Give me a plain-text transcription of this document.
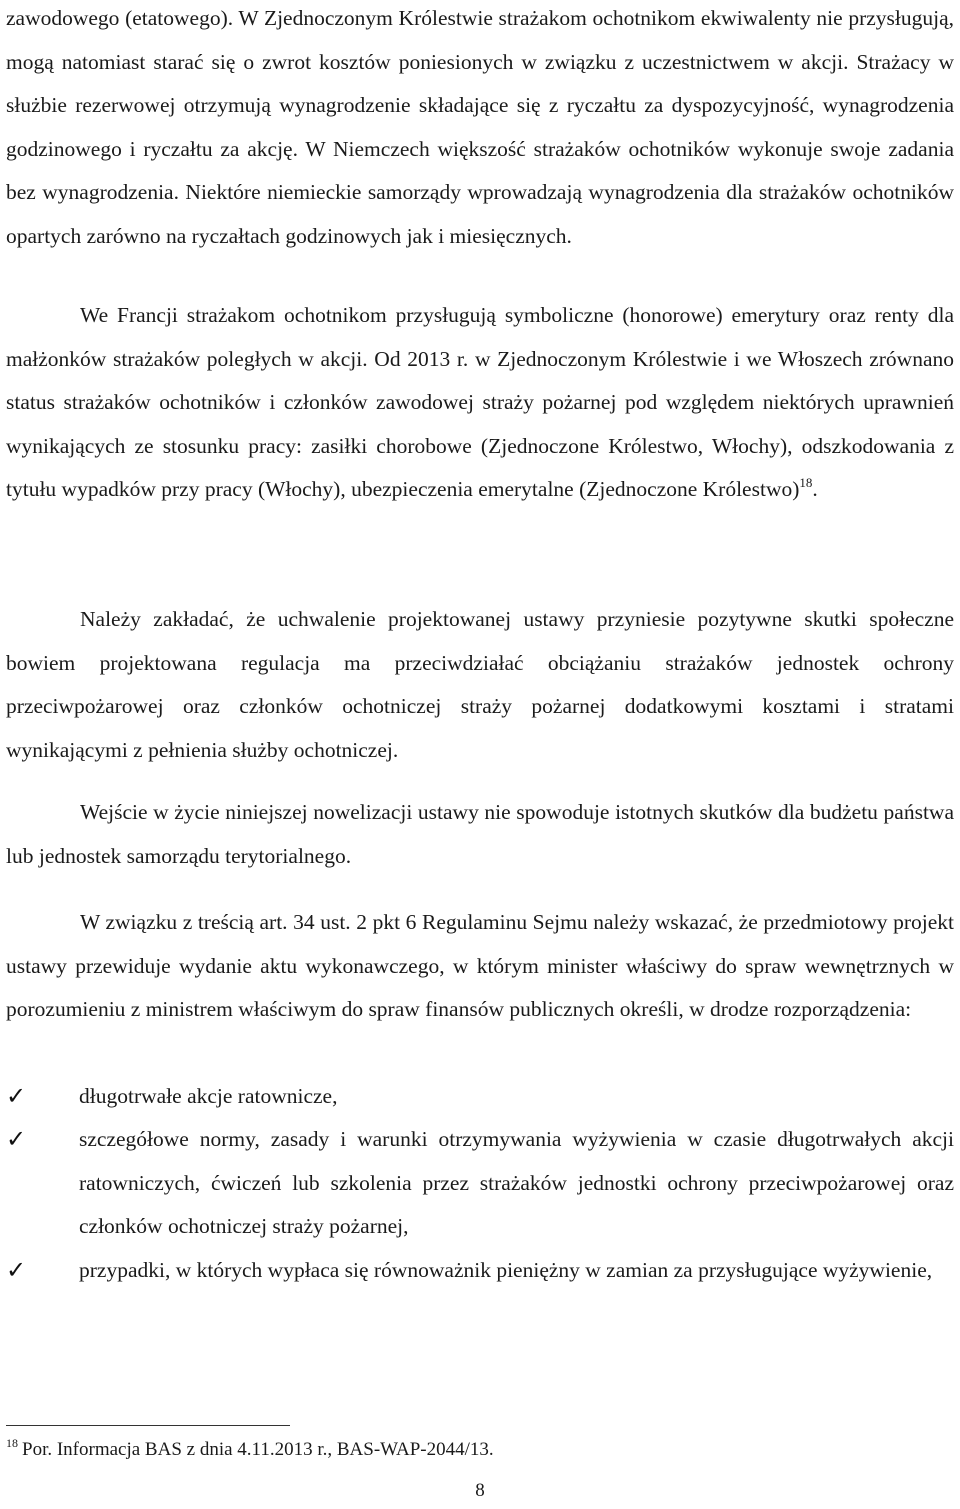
zawodowego (etatowego). W Zjednoczonym Królestwie strażakom ochotnikom ekwiwalenty nie przysługują, mogą natomiast starać się o zwrot kosztów poniesionych w związku z uczestnictwem w akcji. Strażacy w służbie rezerwowej otrzymują wynagrodzenie składające się z ryczałtu za dyspozycyjność, wynagrodzenia godzinowego i ryczałtu za akcję. W Niemczech większość strażaków ochotników wykonuje swoje zadania bez wynagrodzenia. Niektóre niemieckie samorządy wprowadzają wynagrodzenia dla strażaków ochotników opartych zarówno na ryczałtach godzinowych jak i miesięcznych.

We Francji strażakom ochotnikom przysługują symboliczne (honorowe) emerytury oraz renty dla małżonków strażaków poległych w akcji. Od 2013 r. w Zjednoczonym Królestwie i we Włoszech zrównano status strażaków ochotników i członków zawodowej straży pożarnej pod względem niektórych uprawnień wynikających ze stosunku pracy: zasiłki chorobowe (Zjednoczone Królestwo, Włochy), odszkodowania z tytułu wypadków przy pracy (Włochy), ubezpieczenia emerytalne (Zjednoczone Królestwo)$^{18}$.

Należy zakładać, że uchwalenie projektowanej ustawy przyniesie pozytywne skutki społeczne bowiem projektowana regulacja ma przeciwdziałać obciążaniu strażaków jednostek ochrony przeciwpożarowej oraz członków ochotniczej straży pożarnej dodatkowymi kosztami i stratami wynikającymi z pełnienia służby ochotniczej.

Wejście w życie niniejszej nowelizacji ustawy nie spowoduje istotnych skutków dla budżetu państwa lub jednostek samorządu terytorialnego.

W związku z treścią art. 34 ust. 2 pkt 6 Regulaminu Sejmu należy wskazać, że przedmiotowy projekt ustawy przewiduje wydanie aktu wykonawczego, w którym minister właściwy do spraw wewnętrznych w porozumieniu z ministrem właściwym do spraw finansów publicznych określi, w drodze rozporządzenia:

✓	długotrwałe akcje ratownicze,
✓	szczegółowe normy, zasady i warunki otrzymywania wyżywienia w czasie długotrwałych akcji ratowniczych, ćwiczeń lub szkolenia przez strażaków jednostki ochrony przeciwpożarowej oraz członków ochotniczej straży pożarnej,
✓	przypadki, w których wypłaca się równoważnik pieniężny w zamian za przysługujące wyżywienie,
$^{18}$ Por. Informacja BAS z dnia 4.11.2013 r., BAS-WAP-2044/13.
8
